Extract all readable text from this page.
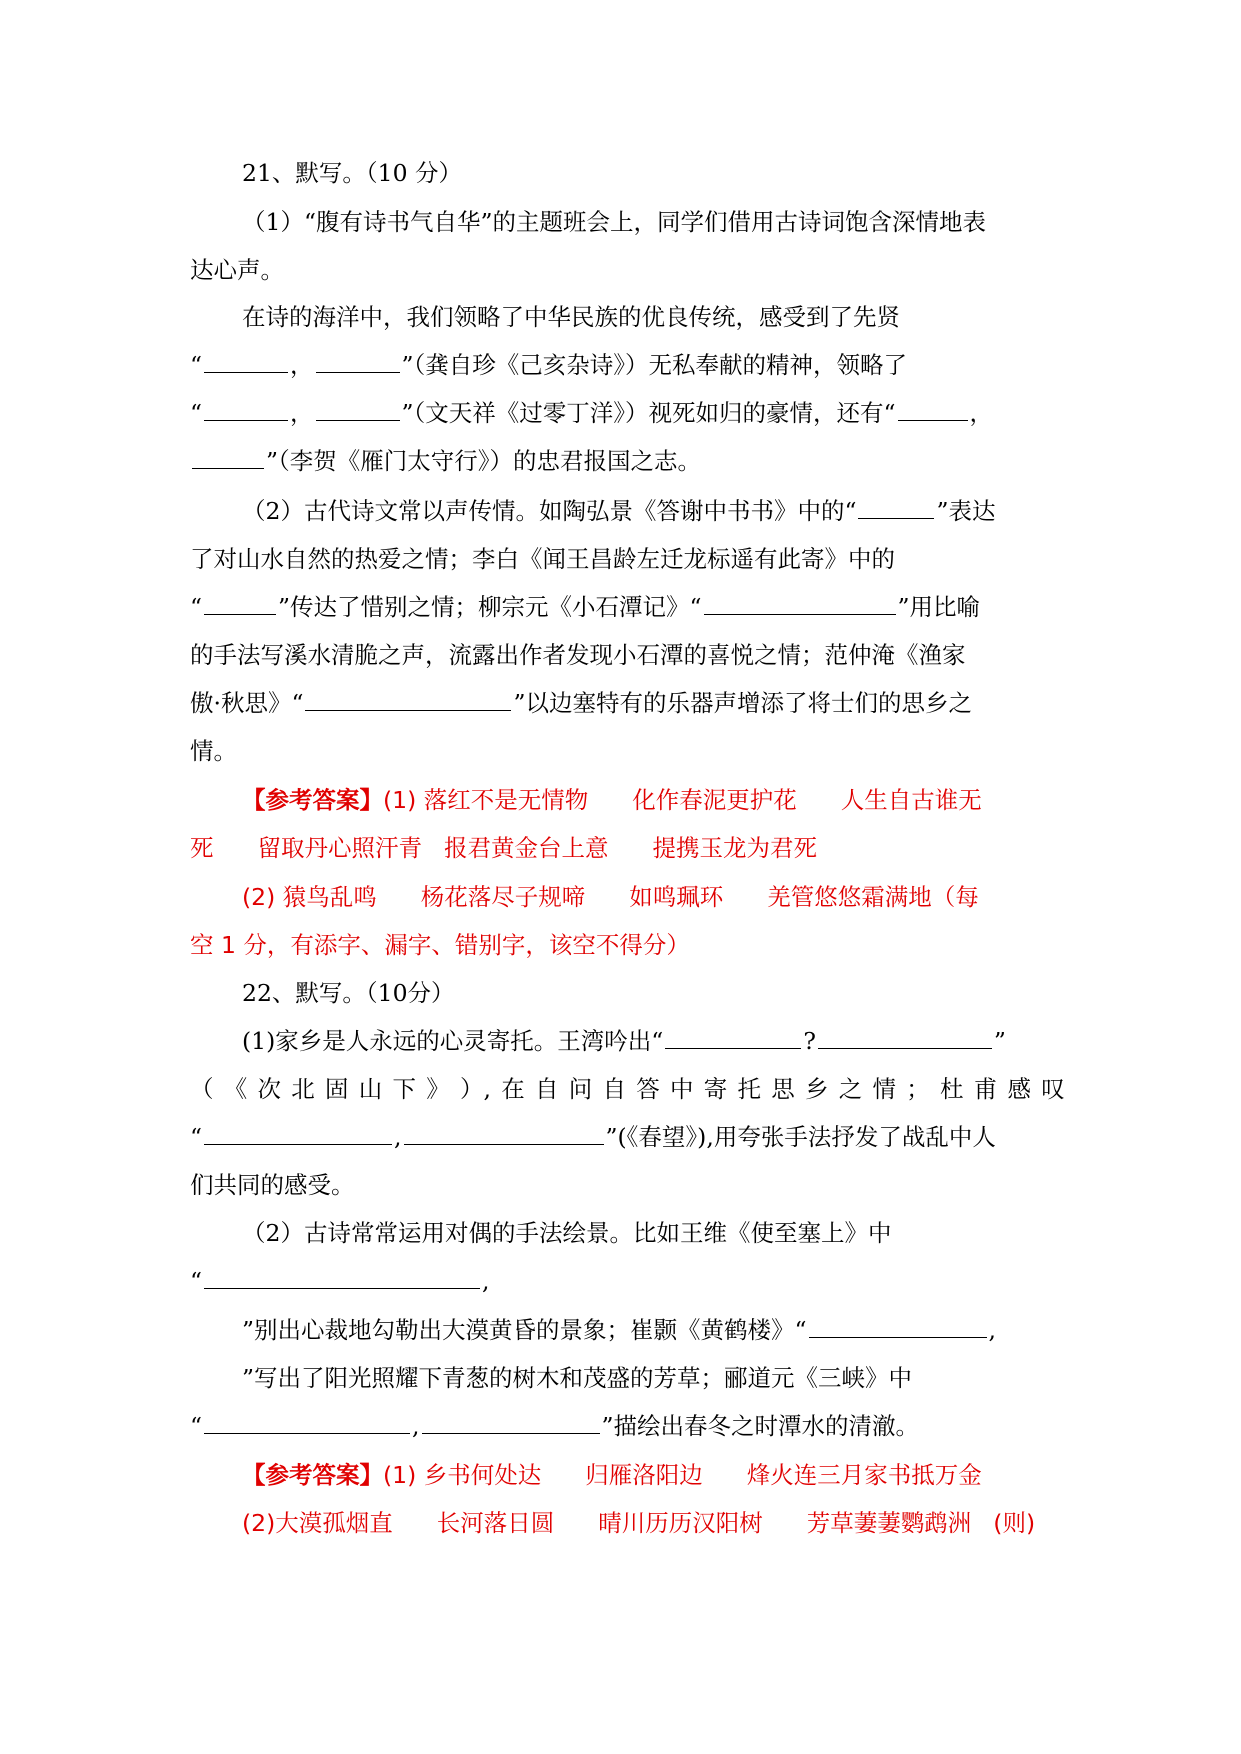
21、默写。（10 分）
（1）“腹有诗书气自华”的主题班会上，同学们借用古诗词饱含深情地表
达心声。
在诗的海洋中，我们领略了中华民族的优良传统，感受到了先贤
“	，	”（龚自珍《己亥杂诗》）无私奉献的精神，领略了
“	，	”（文天祥《过零丁洋》）视死如归的豪情，还有“	，
”（李贺《雁门太守行》）的忠君报国之志。
（2）古代诗文常以声传情。如陶弘景《答谢中书书》中的“	”表达
了对山水自然的热爱之情；李白《闻王昌龄左迁龙标遥有此寄》中的
“	”传达了惜别之情；柳宗元《小石潭记》“	”用比喻
的手法写溪水清脆之声，流露出作者发现小石潭的喜悦之情；范仲淹《渔家
傲·秋思》“	”以边塞特有的乐器声增添了将士们的思乡之
情。
【参考答案】(1) 落红不是无情物 化作春泥更护花 人生自古谁无
死 留取丹心照汗青 报君黄金台上意 提携玉龙为君死
(2) 猿鸟乱鸣 杨花落尽子规啼 如鸣珮环 羌管悠悠霜满地（每
空 1 分，有添字、漏字、错别字，该空不得分）
22、默写。（10分）
(1)家乡是人永远的心灵寄托。王湾吟出“	?	”
（ 《 次 北 固 山 下 》 ）, 在 自 问 自 答 中 寄 托 思 乡 之 情 ； 杜 甫 感 叹
“	,	”(《春望》),用夸张手法抒发了战乱中人
们共同的感受。
（2）古诗常常运用对偶的手法绘景。比如王维《使至塞上》中
“	,
”别出心裁地勾勒出大漠黄昏的景象；崔颢《黄鹤楼》“	,
”写出了阳光照耀下青葱的树木和茂盛的芳草；郦道元《三峡》中
“	,	”描绘出春冬之时潭水的清澈。
【参考答案】(1) 乡书何处达 归雁洛阳边 烽火连三月家书抵万金
(2)大漠孤烟直 长河落日圆 晴川历历汉阳树 芳草萋萋鹦鹉洲 (则)
